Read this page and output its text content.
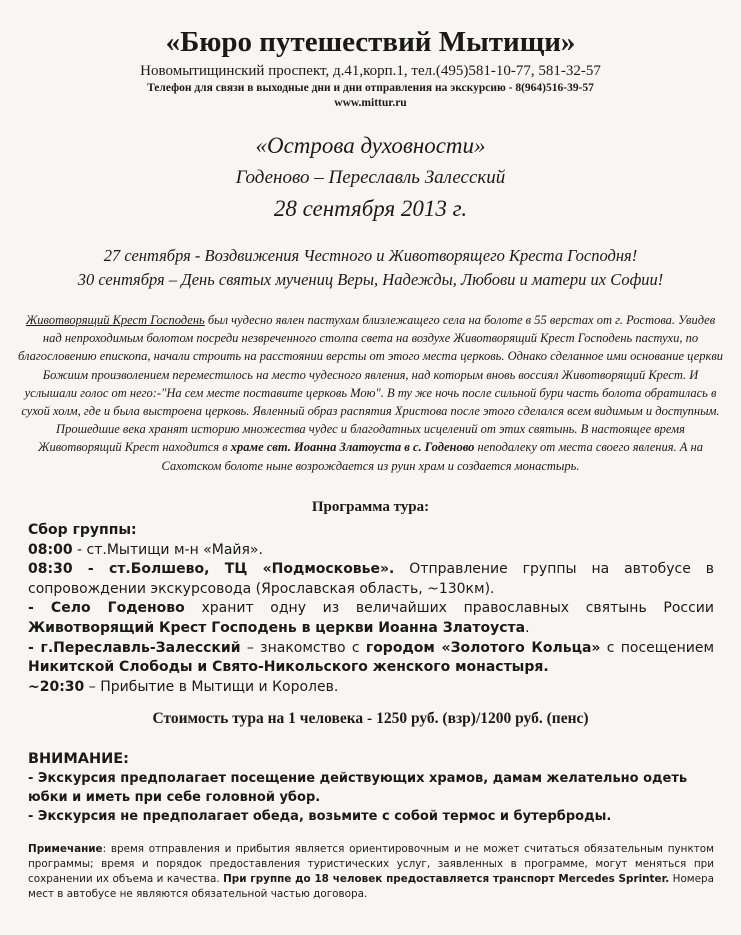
«Бюро путешествий Мытищи»
Новомытищинский проспект, д.41,корп.1, тел.(495)581-10-77, 581-32-57
Телефон для связи в выходные дни и дни отправления на экскурсию - 8(964)516-39-57
www.mittur.ru
«Острова духовности»
Годеново – Переславль Залесский
28 сентября 2013 г.
27 сентября - Воздвижения Честного и Животворящего Креста Господня!
30 сентября – День святых мучениц Веры, Надежды, Любови и матери их Софии!
Животворящий Крест Господень был чудесно явлен пастухам близлежащего села на болоте в 55 верстах от г. Ростова. Увидев над непроходимым болотом посреди незвреченного столпа света на воздухе Животворящий Крест Господень пастухи, по благословению епископа, начали строить на расстоянии версты от этого места церковь. Однако сделанное ими основание церкви Божиим произволением переместилось на место чудесного явления, над которым вновь воссиял Животворящий Крест. И услышали голос от негo:-"На сем месте поставите церковь Мою". В ту же ночь после сильной бури часть болота обратилась в сухой холм, где и была выстроена церковь. Явленный образ распятия Христова после этого сделался всем видимым и доступным. Прошедшие века хранят историю множества чудес и благодатных исцелений от этих святынь. В настоящее время Животворящий Крест находится в храме свт. Иоанна Златоуста в с. Годеново неподалеку от места своего явления. А на Сахотском болоте ныне возрождается из руин храм и создается монастырь.
Программа тура:

Сбор группы:

08:00 - ст.Мытищи м-н «Майя».

08:30 - ст.Болшево, ТЦ «Подмосковье». Отправление группы на автобусе в сопровождении экскурсовода (Ярославская область, ~130км).

- Село Годеново хранит одну из величайших православных святынь России Животворящий Крест Господень в церкви Иоанна Златоуста.

- г.Переславль-Залесский – знакомство с городом «Золотого Кольца» с посещением Никитской Слободы и Свято-Никольского женского монастыря.

~20:30 – Прибытие в Мытищи и Королев.

Стоимость тура на 1 человека - 1250 руб. (взр)/1200 руб. (пенс)

ВНИМАНИЕ:

- Экскурсия предполагает посещение действующих храмов, дамам желательно одеть юбки и иметь при себе головной убор.

- Экскурсия не предполагает обеда, возьмите с собой термос и бутерброды.

Примечание: время отправления и прибытия является ориентировочным и не может считаться обязательным пунктом программы; время и порядок предоставления туристических услуг, заявленных в программе, могут меняться при сохранении их объема и качества. При группе до 18 человек предоставляется транспорт Mercedes Sprinter. Номера мест в автобусе не являются обязательной частью договора.
